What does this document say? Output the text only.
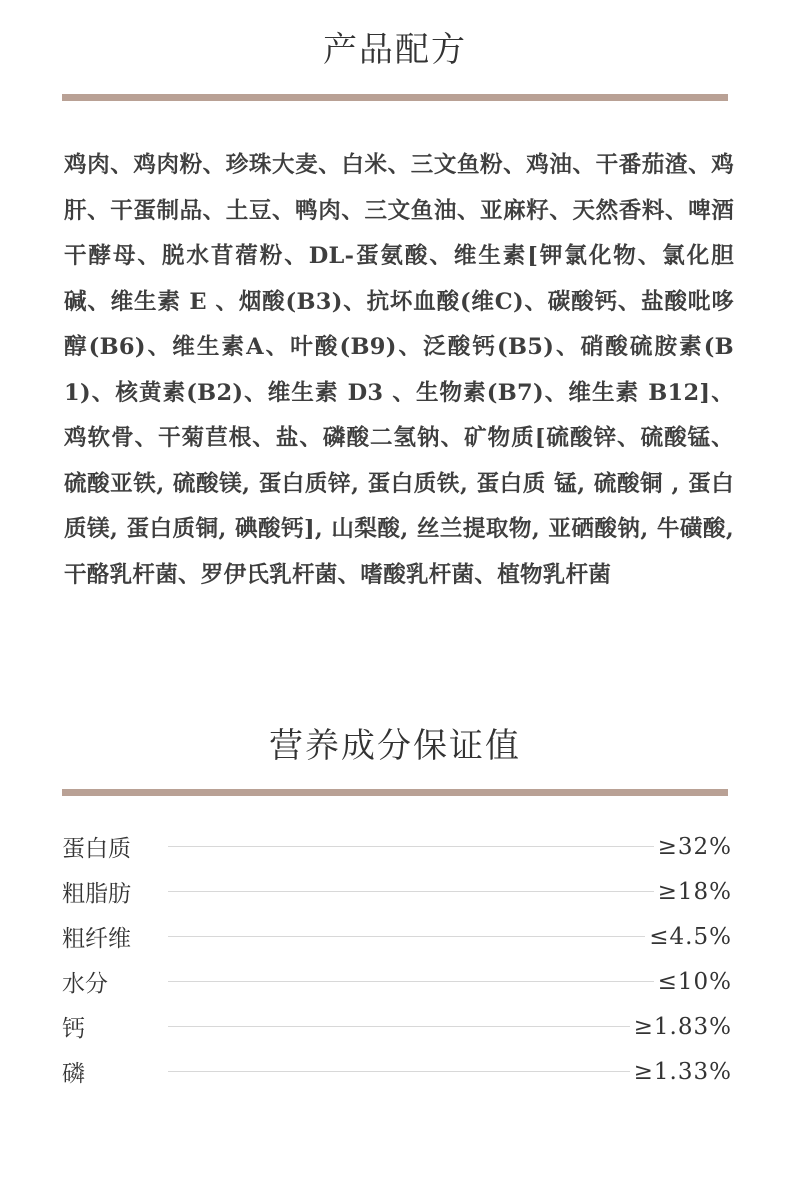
产品配方

鸡肉、鸡肉粉、珍珠大麦、白米、三文鱼粉、鸡油、干番茄渣、鸡肝、干蛋制品、土豆、鸭肉、三文鱼油、亚麻籽、天然香料、啤酒干酵母、脱水苜蓿粉、DL-蛋氨酸、维生素[钾氯化物、氯化胆碱、维生素 E 、烟酸(B3)、抗坏血酸(维C)、碳酸钙、盐酸吡哆醇(B6)、维生素A、叶酸(B9)、泛酸钙(B5)、硝酸硫胺素(B1)、核黄素(B2)、维生素 D3 、生物素(B7)、维生素 B12]、鸡软骨、干菊苣根、盐、磷酸二氢钠、矿物质[硫酸锌、硫酸锰、硫酸亚铁, 硫酸镁, 蛋白质锌, 蛋白质铁, 蛋白质 锰, 硫酸铜 , 蛋白质镁, 蛋白质铜, 碘酸钙], 山梨酸, 丝兰提取物, 亚硒酸钠, 牛磺酸, 干酪乳杆菌、罗伊氏乳杆菌、嗜酸乳杆菌、植物乳杆菌

营养成分保证值
蛋白质	≥32%
粗脂肪	≥18%
粗纤维	≤4.5%
水分	≤10%
钙	≥1.83%
磷	≥1.33%
